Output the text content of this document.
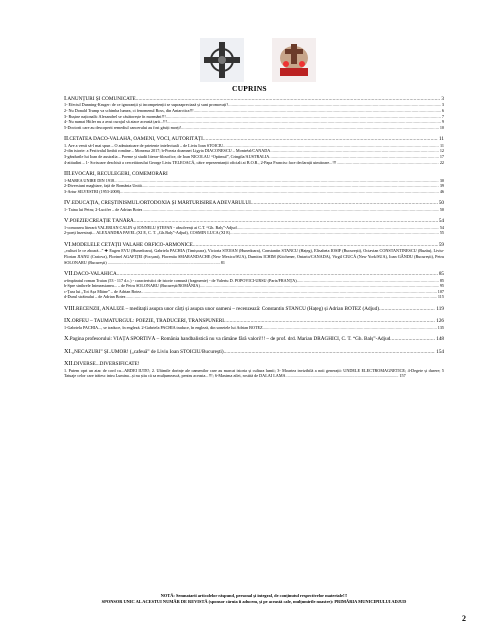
CUPRINS
I.ANUNȚURI ȘI COMUNICATE .....	3
1- Efectul Dunning-Kruger: de ce ignoranții și incompetenții se supraapreciază și sunt promovați? .....	3
2- Nu Donald Trump va schimba lumea, ci fenomenul Ross, din Antarctica!!! .....	6
3- Rușine națională: Alexandrel se căsătorește în mormânt!!! .....	7
4- Nu numai Hitler nu a avut curajul să atace această țară...!!! .....	9
5-Doctorii care au descoperit remediul cancerului au fost găsiți morți! .....	10
II.CETATEA DACO-VALAHĂ, OAMENI, VOCI, AUTORITĂȚI .....	11
1. Ave a venit să-l mai spun – O admiratoare de prietenie intelectuali – de Liviu Ioan STOICIU .....	11
2-din istorie: a Festivalul limbii române – Moneasa 2017; b-Poezia doamnei Ligyia DIACONESCU – Montréal/CANADA .....	12
3-gândurile lui Ioan de australia – Poeme și studii literar-filosofice, de Ioan NICOLAU “Optimul”, Cringila/AUSTRALIA .....	17
4-atitudini – 1- Scrisoare deschisă a cercetătorului George Liviu TELEOACĂ, către reprezentanții oficiali ai B.O.R., 2-Papa Francisc face declarații uimitoare...!!! .....	22
III.EVOCĂRI, RECULEGERI, COMEMORĂRI
1-MAREA UNIRE DIN 1918 .....	30
2-Diversiuni maghiare, față de România Unită .....	39
3-Artur SILVESTRI (1953-2008) .....	46
IV.EDUCAȚIA, CREȘTINISMUL/ORTODOXIA ȘI MĂRTURISIREA ADEVĂRULUI .....	50
1- Taina lui Petru; 2-Lucifer – de Adrian Botez .....	50
V.POEZIE/CREAȚIE TÂNĂRĂ .....	54
1-comoarea literară VALERIAN CALIN și IONNELU ȘTEFAN - absolvenți ai C.T. “Gh. Balș”-Adjud .....	54
2-poeți înzestrați... ALEXANDRA PAVEL (XI E, C. T. „Gh.Balș”-Adjud), COSMIN LUCA (XI E) .....	55
VI.MODELELE CETĂȚII VALAHE ORFICO-ARMONICE .....	59
„vulturi le ce zboară...” ✚ Eugen EVU (Hunedoara), Gabriela PACHIA (Timișoara), Victoria STOIAN (Hunedoara), Constantin STANCU (Hațeg), Elisabeta IOSIF (București), Octavian CONSTANTINESCU (Buzău), Liviu-Florian JIANU (Craiova), Florinel AGAFIȚEI (Focșani), Florentia SMARANDACHE (New Mexico/SUA), Dumitru ICHIM (Kitchener, Ontario/CANADA), Virgil CIUCĂ (New York/SUA), Ioan GÂNDU (București), Petru SOLONARU (București) ........................................................................................................... 81
VII.DACO-VALAHICA .....	85
a-împăratul roman Traian (53 - 117 d.c.) - caracteristici de istorie comună (fragmente) - de Valeriu D. POPOVICI-URSU (Paris/FRANȚA) .....	85
b-Spre sinihrele Inimeasianea... – de Petru SOLONARU (București/ROMÂNIA) .....	95
c-Țara lui „Tot Așa Măine” – de Adrian Botez .....	107
d-Durul străinului – de Adrian Botez .....	115
VIII.RECENZII, ANALIZE – meditații asupra unor cărți și asupra unor oameni – recenzează: Constantin STANCU (Hațeg) și Adrian BOTEZ (Adjud) .....	119
IX.ORFEU – TAUMATURGUL: POEZIE, TRADUCERI, TRANSPUNERI .....	126
1-Gabriela PACHIA..., se traduce, în engleză. 2-Gabriela PACHIA traduce, în engleză, din sonetele lui Adrian BOTEZ .....	135
X.Pagina profesorului: VIAȚA SPORTIVĂ – România handbalistică nu va rămâne fără valori!!! – de prof. drd. Marian DRĂGHICI, C. T. “Gh. Balș”-Adjud .....	148
XI.„NECAZURI” ȘI..UMOR! („cafeuă” de Liviu Ioan STOICIU/București) .....	154
XII.DIVERSE...DIVERSIFICATE!
1. Putem opri un atac de cord cu...ARDEI IUTE!; 2. Ultimile dorințe ale oamenilor care au marcat istoria și cultura lumii; 3- Moartea invizibilă a noii generații: UNDELE ELECTROMAGNETICE; 4-Degete și durere; 5 Tatuaje celor care trăiesc intru Lumina...și nu știu că sa mulțumească, pentru aceasta...!!!; 6-Maxima zilei, rostită de DALAI LAMA ........................................................................................................... 157
NOTĂ: Semnatarii articolelor răspund, personal și integral, de conținutul respectivelor materiale!!!
SPONSOR UNIC AL ACESTUI NUMĂR DE REVISTĂ (sponsor căruia îi aducem, și pe această cale, mulțumirile noastre): PRIMĂRIA MUNICIPIULUI ADJUD
2
